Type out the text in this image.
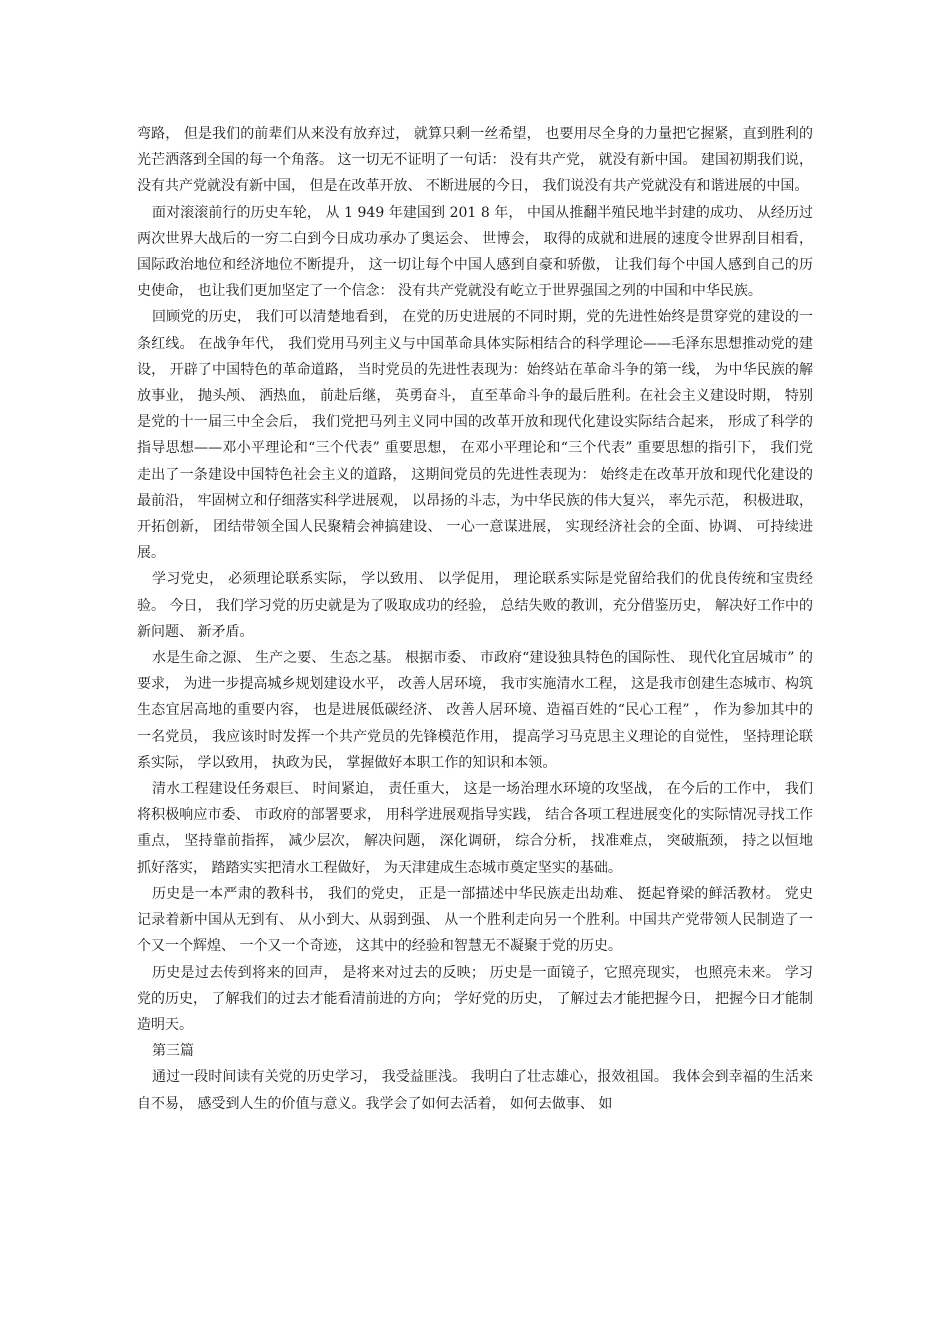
弯路， 但是我们的前辈们从来没有放弃过， 就算只剩一丝希望， 也要用尽全身的力量把它握紧，直到胜利的光芒洒落到全国的每一个角落。 这一切无不证明了一句话： 没有共产党， 就没有新中国。 建国初期我们说， 没有共产党就没有新中国， 但是在改革开放、 不断进展的今日， 我们说没有共产党就没有和谐进展的中国。

面对滚滚前行的历史车轮， 从 1 949 年建国到 201 8 年， 中国从推翻半殖民地半封建的成功、 从经历过两次世界大战后的一穷二白到今日成功承办了奥运会、 世博会， 取得的成就和进展的速度令世界刮目相看， 国际政治地位和经济地位不断提升， 这一切让每个中国人感到自豪和骄傲， 让我们每个中国人感到自己的历史使命， 也让我们更加坚定了一个信念： 没有共产党就没有屹立于世界强国之列的中国和中华民族。

回顾党的历史， 我们可以清楚地看到， 在党的历史进展的不同时期，党的先进性始终是贯穿党的建设的一条红线。 在战争年代， 我们党用马列主义与中国革命具体实际相结合的科学理论——毛泽东思想推动党的建设， 开辟了中国特色的革命道路， 当时党员的先进性表现为：始终站在革命斗争的第一线， 为中华民族的解放事业， 抛头颅、 洒热血， 前赴后继， 英勇奋斗， 直至革命斗争的最后胜利。在社会主义建设时期， 特别是党的十一届三中全会后， 我们党把马列主义同中国的改革开放和现代化建设实际结合起来， 形成了科学的指导思想——邓小平理论和“三个代表” 重要思想， 在邓小平理论和“三个代表” 重要思想的指引下， 我们党走出了一条建设中国特色社会主义的道路， 这期间党员的先进性表现为： 始终走在改革开放和现代化建设的最前沿， 牢固树立和仔细落实科学进展观， 以昂扬的斗志，为中华民族的伟大复兴， 率先示范， 积极进取， 开拓创新， 团结带领全国人民聚精会神搞建设、 一心一意谋进展， 实现经济社会的全面、协调、 可持续进展。

学习党史， 必须理论联系实际， 学以致用、 以学促用， 理论联系实际是党留给我们的优良传统和宝贵经验。 今日， 我们学习党的历史就是为了吸取成功的经验， 总结失败的教训，充分借鉴历史， 解决好工作中的新问题、 新矛盾。

水是生命之源、 生产之要、 生态之基。 根据市委、 市政府“建设独具特色的国际性、 现代化宜居城市” 的要求， 为进一步提高城乡规划建设水平， 改善人居环境， 我市实施清水工程， 这是我市创建生态城市、构筑生态宜居高地的重要内容， 也是进展低碳经济、 改善人居环境、造福百姓的“民心工程” ， 作为参加其中的一名党员， 我应该时时发挥一个共产党员的先锋模范作用， 提高学习马克思主义理论的自觉性， 坚持理论联系实际， 学以致用， 执政为民， 掌握做好本职工作的知识和本领。

清水工程建设任务艰巨、 时间紧迫， 责任重大， 这是一场治理水环境的攻坚战， 在今后的工作中， 我们将积极响应市委、 市政府的部署要求， 用科学进展观指导实践， 结合各项工程进展变化的实际情况寻找工作重点， 坚持靠前指挥， 减少层次， 解决问题， 深化调研， 综合分析， 找准难点， 突破瓶颈， 持之以恒地抓好落实， 踏踏实实把清水工程做好， 为天津建成生态城市奠定坚实的基础。

历史是一本严肃的教科书， 我们的党史， 正是一部描述中华民族走出劫难、 挺起脊梁的鲜活教材。 党史记录着新中国从无到有、 从小到大、从弱到强、 从一个胜利走向另一个胜利。中国共产党带领人民制造了一个又一个辉煌、 一个又一个奇迹， 这其中的经验和智慧无不凝聚于党的历史。

历史是过去传到将来的回声， 是将来对过去的反映； 历史是一面镜子，它照亮现实， 也照亮未来。 学习党的历史， 了解我们的过去才能看清前进的方向； 学好党的历史， 了解过去才能把握今日， 把握今日才能制造明天。

第三篇

通过一段时间读有关党的历史学习， 我受益匪浅。 我明白了壮志雄心，报效祖国。 我体会到幸福的生活来自不易， 感受到人生的价值与意义。我学会了如何去活着， 如何去做事、 如
